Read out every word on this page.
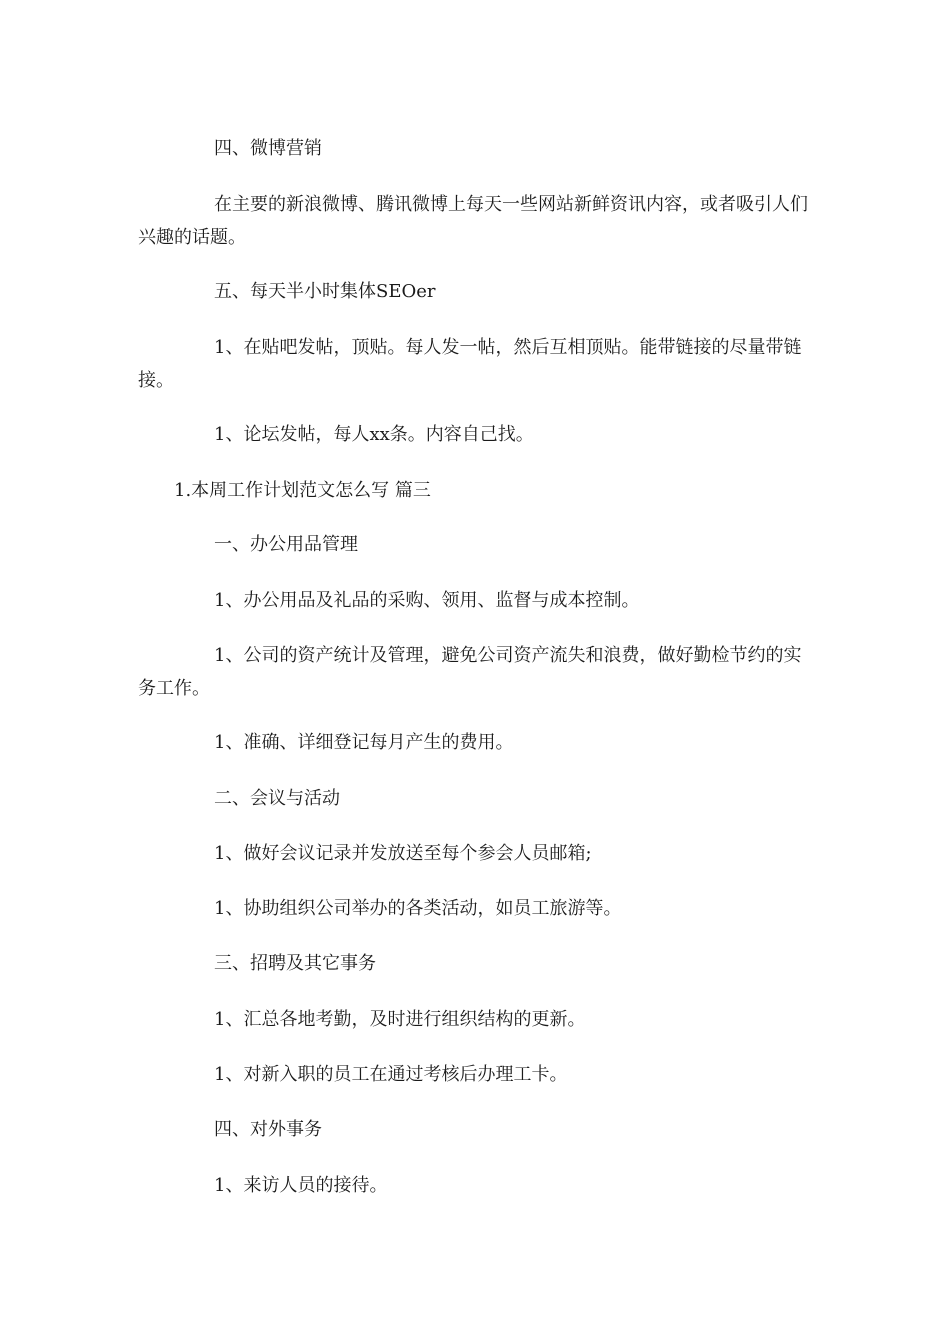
四、微博营销

在主要的新浪微博、腾讯微博上每天一些网站新鲜资讯内容，或者吸引人们兴趣的话题。

五、每天半小时集体SEOer

1、在贴吧发帖，顶贴。每人发一帖，然后互相顶贴。能带链接的尽量带链接。

1、论坛发帖，每人xx条。内容自己找。

1.本周工作计划范文怎么写 篇三

一、办公用品管理

1、办公用品及礼品的采购、领用、监督与成本控制。

1、公司的资产统计及管理，避免公司资产流失和浪费，做好勤检节约的实务工作。

1、准确、详细登记每月产生的费用。

二、会议与活动

1、做好会议记录并发放送至每个参会人员邮箱;

1、协助组织公司举办的各类活动，如员工旅游等。

三、招聘及其它事务

1、汇总各地考勤，及时进行组织结构的更新。

1、对新入职的员工在通过考核后办理工卡。

四、对外事务

1、来访人员的接待。
